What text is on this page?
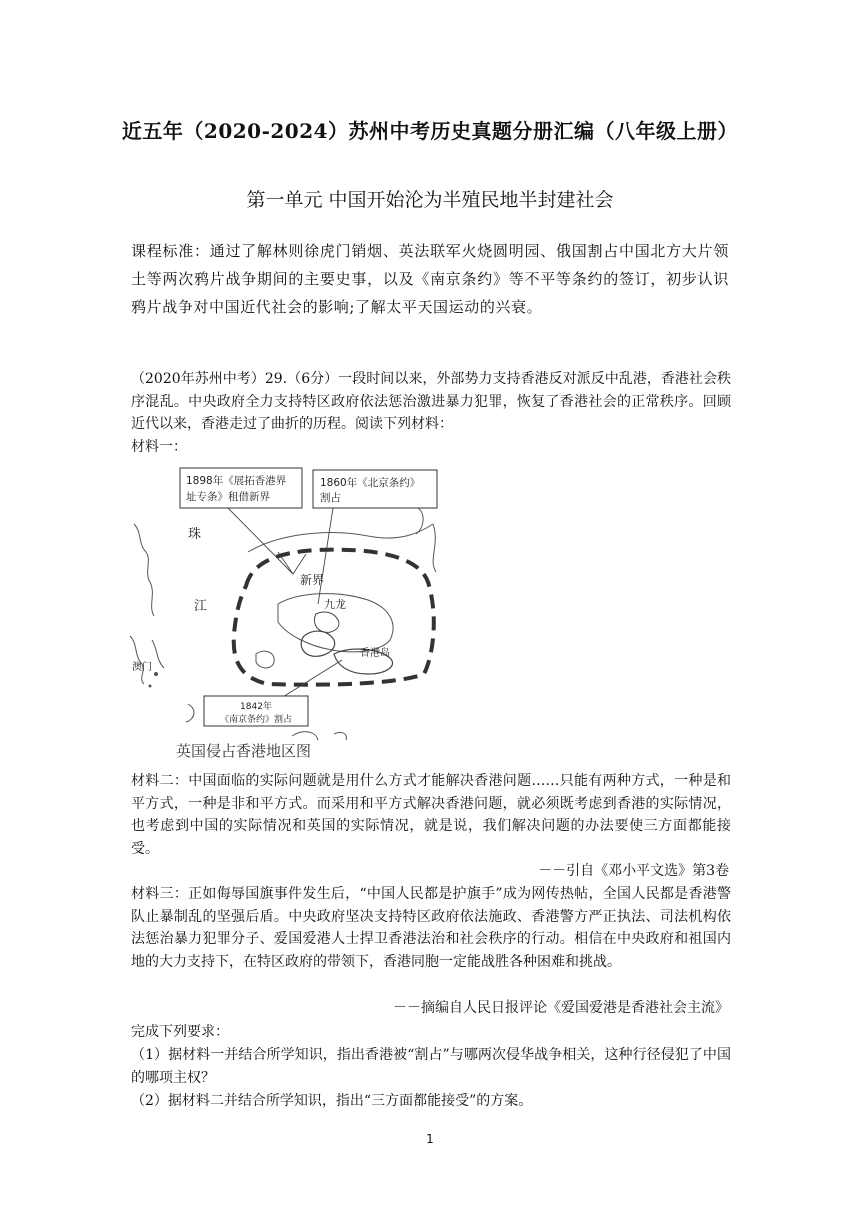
近五年（2020-2024）苏州中考历史真题分册汇编（八年级上册）
第一单元 中国开始沦为半殖民地半封建社会
课程标准：通过了解林则徐虎门销烟、英法联军火烧圆明园、俄国割占中国北方大片领土等两次鸦片战争期间的主要史事，以及《南京条约》等不平等条约的签订，初步认识鸦片战争对中国近代社会的影响;了解太平天国运动的兴衰。
（2020年苏州中考）29.（6分）一段时间以来，外部势力支持香港反对派反中乱港，香港社会秩序混乱。中央政府全力支持特区政府依法惩治激进暴力犯罪，恢复了香港社会的正常秩序。回顾近代以来，香港走过了曲折的历程。阅读下列材料：
材料一：
1898年《展拓香港界
址专条》租借新界
1860年《北京条约》
割占
珠
江
澳门
新界
九龙
香港岛
1842年
《南京条约》割占
英国侵占香港地区图
材料二：中国面临的实际问题就是用什么方式才能解决香港问题……只能有两种方式，一种是和平方式，一种是非和平方式。而采用和平方式解决香港问题，就必须既考虑到香港的实际情况，也考虑到中国的实际情况和英国的实际情况，就是说，我们解决问题的办法要使三方面都能接受。
－－引自《邓小平文选》第3卷
材料三：正如侮辱国旗事件发生后，“中国人民都是护旗手”成为网传热帖，全国人民都是香港警队止暴制乱的坚强后盾。中央政府坚决支持特区政府依法施政、香港警方严正执法、司法机构依法惩治暴力犯罪分子、爱国爱港人士捍卫香港法治和社会秩序的行动。相信在中央政府和祖国内地的大力支持下，在特区政府的带领下，香港同胞一定能战胜各种困难和挑战。
－－摘编自人民日报评论《爱国爱港是香港社会主流》
完成下列要求：
（1）据材料一并结合所学知识，指出香港被“割占”与哪两次侵华战争相关，这种行径侵犯了中国的哪项主权？
（2）据材料二并结合所学知识，指出“三方面都能接受”的方案。
1
